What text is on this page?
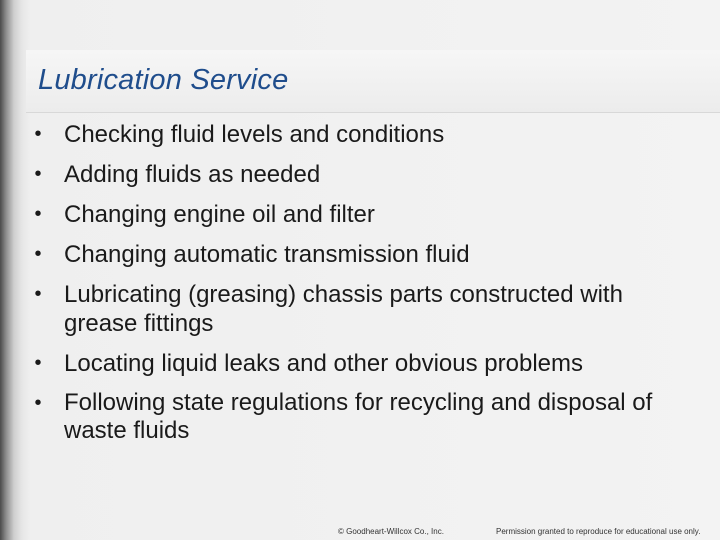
Lubrication Service
• Checking fluid levels and conditions
• Adding fluids as needed
• Changing engine oil and filter
• Changing automatic transmission fluid
• Lubricating (greasing) chassis parts constructed with grease fittings
• Locating liquid leaks and other obvious problems
• Following state regulations for recycling and disposal of waste fluids
© Goodheart-Willcox Co., Inc.	Permission granted to reproduce for educational use only.
